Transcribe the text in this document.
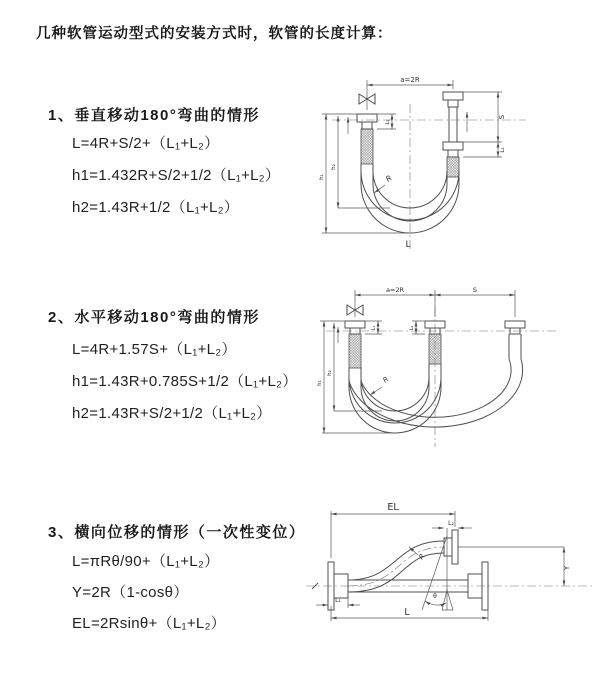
几种软管运动型式的安装方式时，软管的长度计算：
1、垂直移动180°弯曲的情形
L=4R+S/2+（L₁+L₂）
h1=1.432R+S/2+1/2（L₁+L₂）
h2=1.43R+1/2（L₁+L₂）
2、水平移动180°弯曲的情形
L=4R+1.57S+（L₁+L₂）
h1=1.43R+0.785S+1/2（L₁+L₂）
h2=1.43R+S/2+1/2（L₁+L₂）
3、横向位移的情形（一次性变位）
L=πRθ/90+（L₁+L₂）
Y=2R（1-cosθ）
EL=2Rsinθ+（L₁+L₂）
a=2R
L₁
S
L₂
h₁
h₂
R
L
a=2R	S
L₁	L₂
h₁
h₂
R
EL
L₂
Y
L
L₁
R
θ
